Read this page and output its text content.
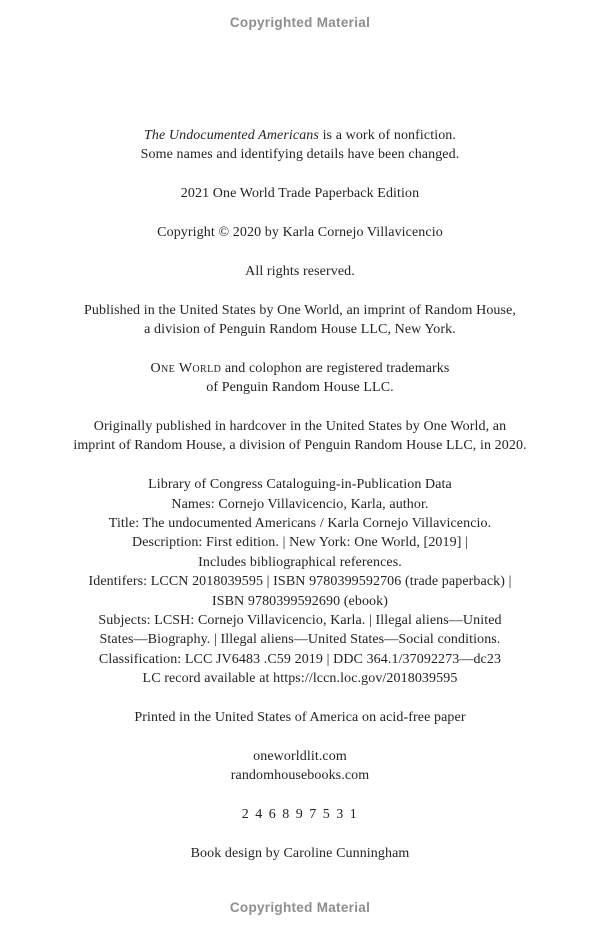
Copyrighted Material

The Undocumented Americans is a work of nonfiction.
Some names and identifying details have been changed.

2021 One World Trade Paperback Edition

Copyright © 2020 by Karla Cornejo Villavicencio

All rights reserved.

Published in the United States by One World, an imprint of Random House,
a division of Penguin Random House LLC, New York.

One World and colophon are registered trademarks
of Penguin Random House LLC.

Originally published in hardcover in the United States by One World, an
imprint of Random House, a division of Penguin Random House LLC, in 2020.

Library of Congress Cataloguing-in-Publication Data
Names: Cornejo Villavicencio, Karla, author.
Title: The undocumented Americans / Karla Cornejo Villavicencio.
Description: First edition. | New York: One World, [2019] |
Includes bibliographical references.
Identifers: LCCN 2018039595 | ISBN 9780399592706 (trade paperback) |
ISBN 9780399592690 (ebook)
Subjects: LCSH: Cornejo Villavicencio, Karla. | Illegal aliens—United
States—Biography. | Illegal aliens—United States—Social conditions.
Classification: LCC JV6483 .C59 2019 | DDC 364.1/37092273—dc23
LC record available at https://lccn.loc.gov/2018039595

Printed in the United States of America on acid-free paper

oneworldlit.com
randomhousebooks.com

2 4 6 8 9 7 5 3 1

Book design by Caroline Cunningham

Copyrighted Material
